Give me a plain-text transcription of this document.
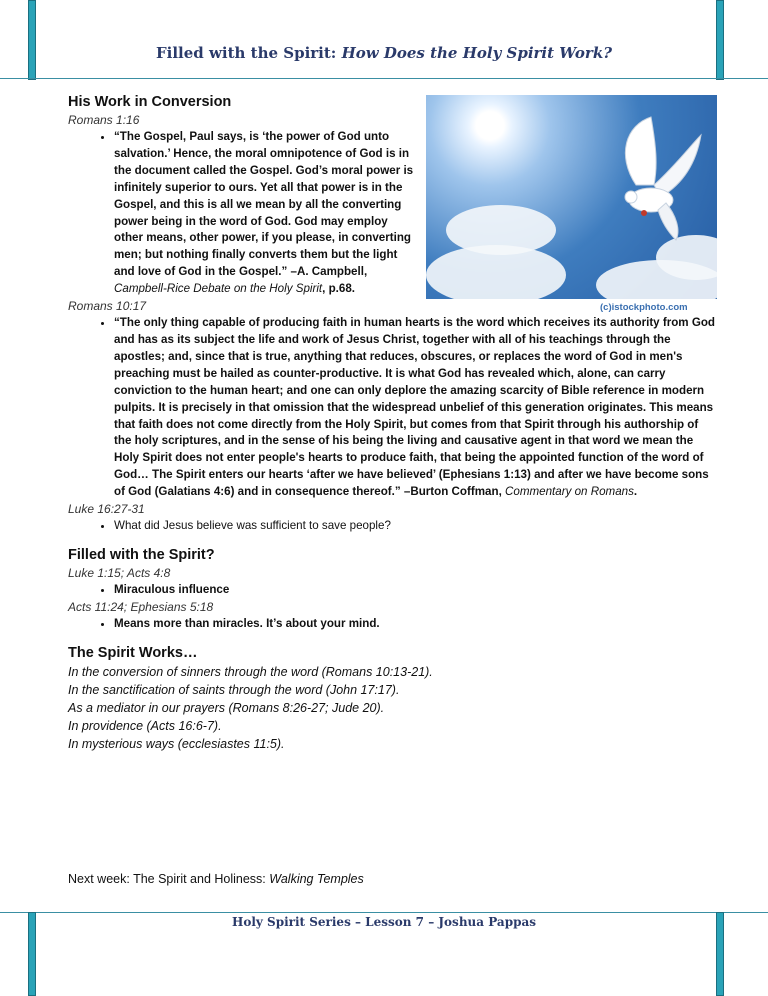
Filled with the Spirit: How Does the Holy Spirit Work?
(c)istockphoto.com
His Work in Conversion
Romans 1:16
• “The Gospel, Paul says, is ‘the power of God unto salvation.’ Hence, the moral omnipotence of God is in the document called the Gospel. God’s moral power is infinitely superior to ours. Yet all that power is in the Gospel, and this is all we mean by all the converting power being in the word of God. God may employ other means, other power, if you please, in converting men; but nothing finally converts them but the light and love of God in the Gospel.” –A. Campbell, Campbell-Rice Debate on the Holy Spirit, p.68.
Romans 10:17
• “The only thing capable of producing faith in human hearts is the word which receives its authority from God and has as its subject the life and work of Jesus Christ, together with all of his teachings through the apostles; and, since that is true, anything that reduces, obscures, or replaces the word of God in men's preaching must be hailed as counter-productive. It is what God has revealed which, alone, can carry conviction to the human heart; and one can only deplore the amazing scarcity of Bible reference in modern pulpits. It is precisely in that omission that the widespread unbelief of this generation originates. This means that faith does not come directly from the Holy Spirit, but comes from that Spirit through his authorship of the holy scriptures, and in the sense of his being the living and causative agent in that word we mean the Holy Spirit does not enter people's hearts to produce faith, that being the appointed function of the word of God… The Spirit enters our hearts ‘after we have believed’ (Ephesians 1:13) and after we have become sons of God (Galatians 4:6) and in consequence thereof.” –Burton Coffman, Commentary on Romans.
Luke 16:27-31
• What did Jesus believe was sufficient to save people?
Filled with the Spirit?
Luke 1:15; Acts 4:8
• Miraculous influence
Acts 11:24; Ephesians 5:18
• Means more than miracles. It’s about your mind.
The Spirit Works…

In the conversion of sinners through the word (Romans 10:13-21).

In the sanctification of saints through the word (John 17:17).

As a mediator in our prayers (Romans 8:26-27; Jude 20).

In providence (Acts 16:6-7).

In mysterious ways (ecclesiastes 11:5).

Next week: The Spirit and Holiness: Walking Temples
Holy Spirit Series – Lesson 7 – Joshua Pappas
